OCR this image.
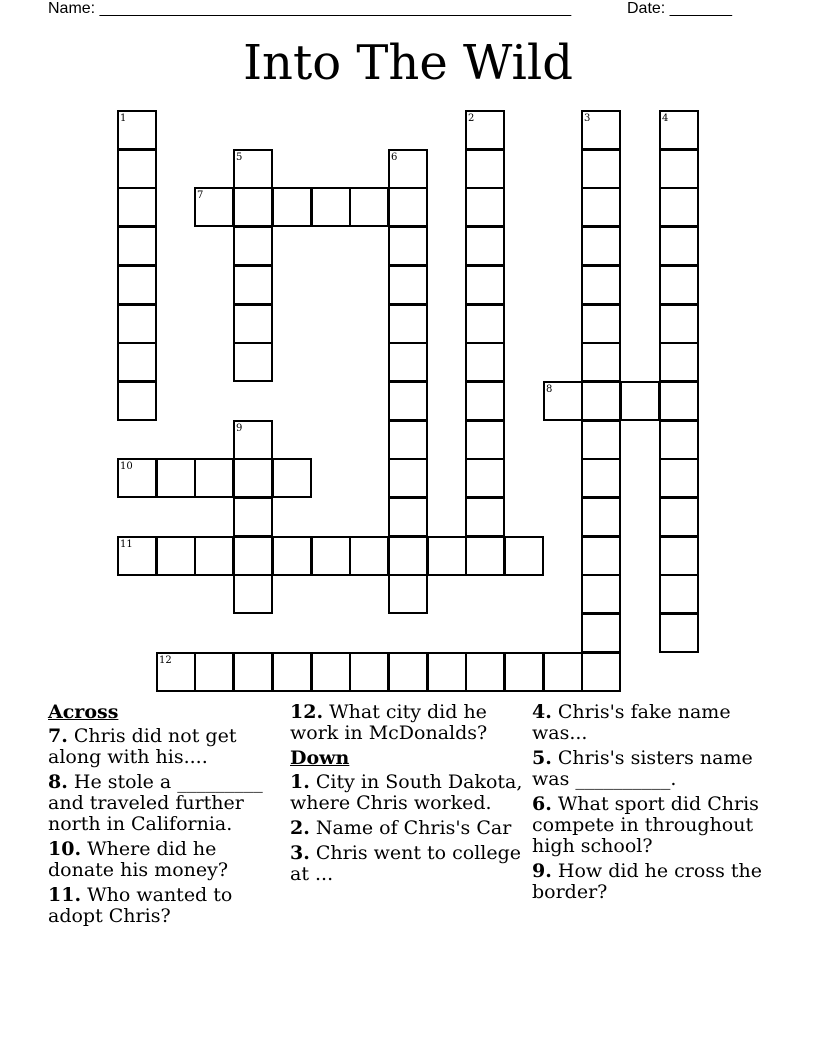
Name: _____________________________________________________	Date: _______
Into The Wild
1	2	3	4
5	6
7
8
9
10
11
12
Across
7. Chris did not get along with his....
8. He stole a _________ and traveled further north in California.
10. Where did he donate his money?
11. Who wanted to adopt Chris?
12. What city did he work in McDonalds?
Down
1. City in South Dakota, where Chris worked.
2. Name of Chris's Car
3. Chris went to college at ...
4. Chris's fake name was...
5. Chris's sisters name was __________.
6. What sport did Chris compete in throughout high school?
9. How did he cross the border?
